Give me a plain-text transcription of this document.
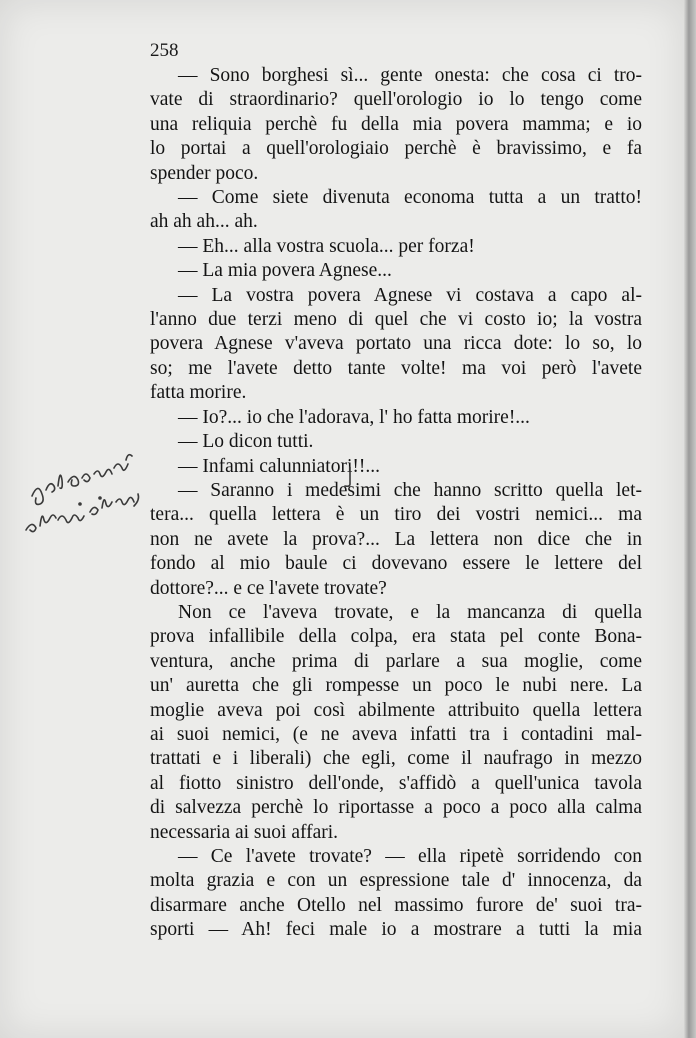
258
— Sono borghesi sì... gente onesta: che cosa ci tro-
vate di straordinario? quell'orologio io lo tengo come
una reliquia perchè fu della mia povera mamma; e io
lo portai a quell'orologiaio perchè è bravissimo, e fa
spender poco.
— Come siete divenuta economa tutta a un tratto!
ah ah ah... ah.
— Eh... alla vostra scuola... per forza!
— La mia povera Agnese...
— La vostra povera Agnese vi costava a capo al-
l'anno due terzi meno di quel che vi costo io; la vostra
povera Agnese v'aveva portato una ricca dote: lo so, lo
so; me l'avete detto tante volte! ma voi però l'avete
fatta morire.
— Io?... io che l'adorava, l' ho fatta morire!...
— Lo dicon tutti.
— Infami calunniatori!!...
— Saranno i medesimi che hanno scritto quella let-
tera... quella lettera è un tiro dei vostri nemici... ma
non ne avete la prova?... La lettera non dice che in
fondo al mio baule ci dovevano essere le lettere del
dottore?... e ce l'avete trovate?
Non ce l'aveva trovate, e la mancanza di quella
prova infallibile della colpa, era stata pel conte Bona-
ventura, anche prima di parlare a sua moglie, come
un' auretta che gli rompesse un poco le nubi nere. La
moglie aveva poi così abilmente attribuito quella lettera
ai suoi nemici, (e ne aveva infatti tra i contadini mal-
trattati e i liberali) che egli, come il naufrago in mezzo
al fiotto sinistro dell'onde, s'affidò a quell'unica tavola
di salvezza perchè lo riportasse a poco a poco alla calma
necessaria ai suoi affari.
— Ce l'avete trovate? — ella ripetè sorridendo con
molta grazia e con un espressione tale d' innocenza, da
disarmare anche Otello nel massimo furore de' suoi tra-
sporti — Ah! feci male io a mostrare a tutti la mia
